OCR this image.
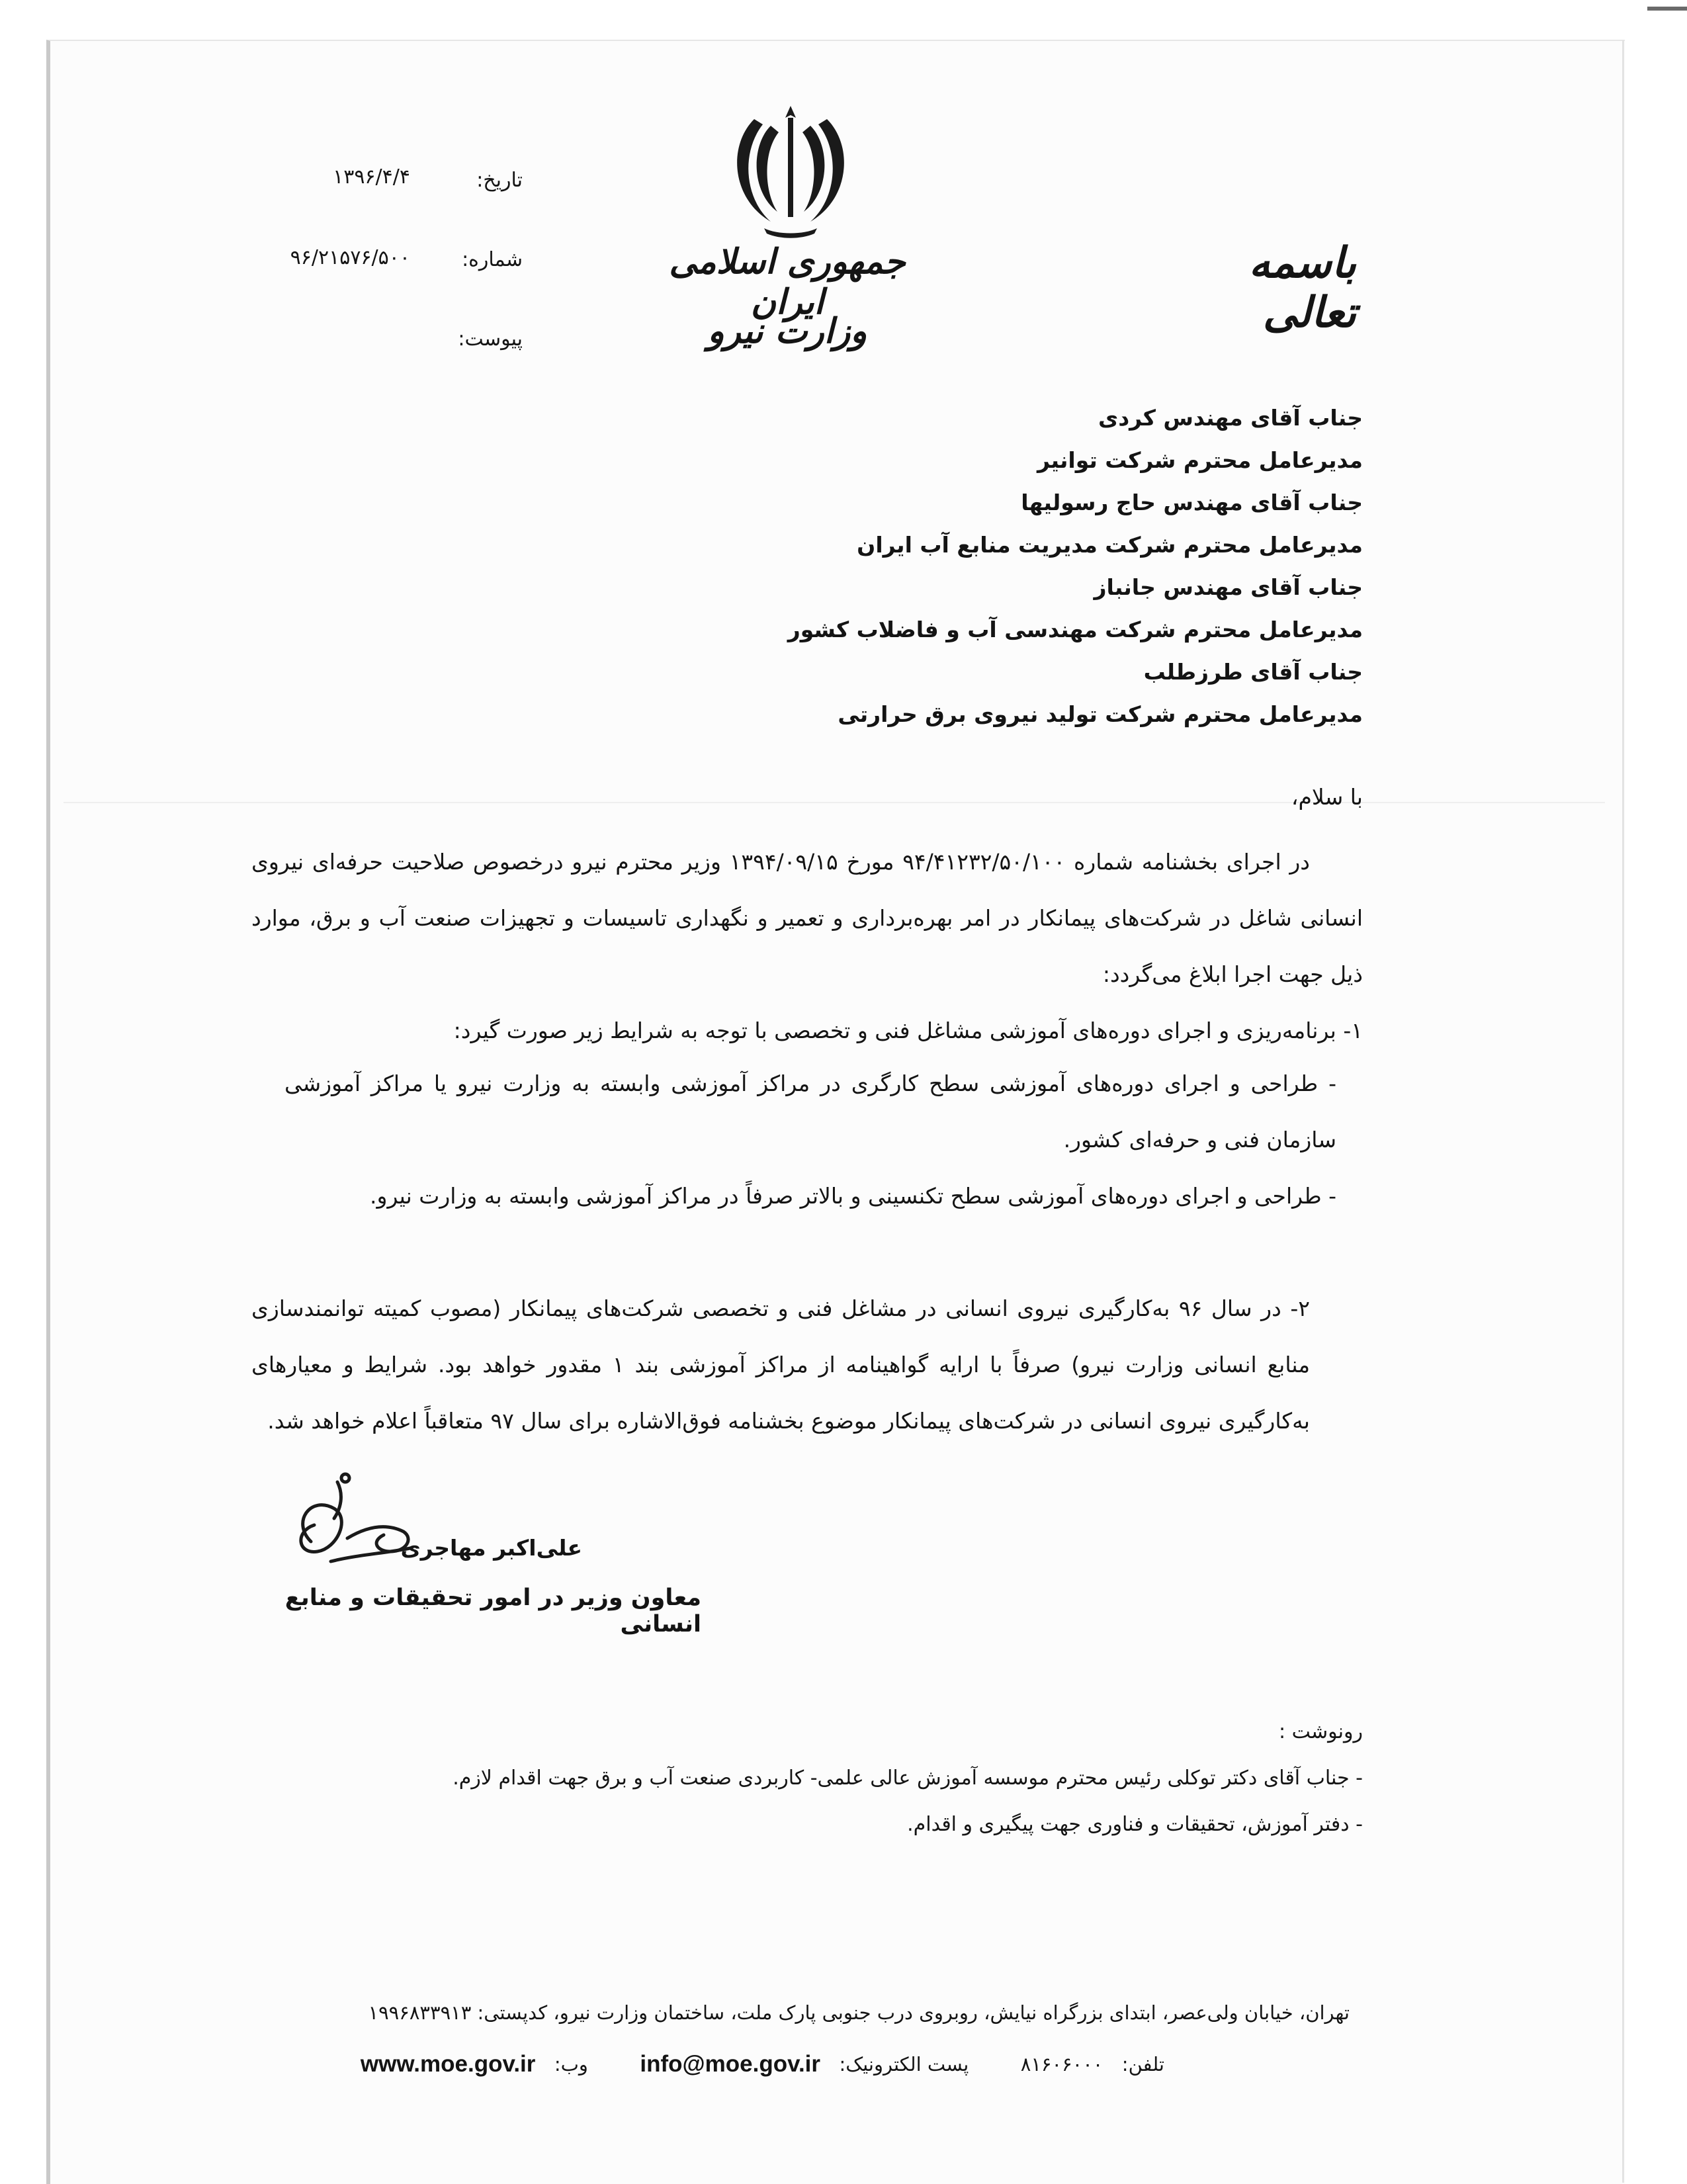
باسمه تعالی
جمهوری اسلامی ایران
وزارت نیرو
تاریخ:
۱۳۹۶/۴/۴
شماره:
۹۶/۲۱۵۷۶/۵۰۰
پیوست:
جناب آقای مهندس کردی
مدیرعامل محترم شرکت توانیر
جناب آقای مهندس حاج رسولیها
مدیرعامل محترم شرکت مدیریت منابع آب ایران
جناب آقای مهندس جانباز
مدیرعامل محترم شرکت مهندسی آب و فاضلاب کشور
جناب آقای طرزطلب
مدیرعامل محترم شرکت تولید نیروی برق حرارتی
با سلام،
در اجرای بخشنامه شماره ۹۴/۴۱۲۳۲/۵۰/۱۰۰ مورخ ۱۳۹۴/۰۹/۱۵ وزیر محترم نیرو درخصوص صلاحیت حرفه‌ای نیروی انسانی شاغل در شرکت‌های پیمانکار در امر بهره‌برداری و تعمیر و نگهداری تاسیسات و تجهیزات صنعت آب و برق، موارد ذیل جهت اجرا ابلاغ می‌گردد:
۱- برنامه‌ریزی و اجرای دوره‌های آموزشی مشاغل فنی و تخصصی با توجه به شرایط زیر صورت گیرد:
- طراحی و اجرای دوره‌های آموزشی سطح کارگری در مراکز آموزشی وابسته به وزارت نیرو یا مراکز آموزشی سازمان فنی و حرفه‌ای کشور.
- طراحی و اجرای دوره‌های آموزشی سطح تکنسینی و بالاتر صرفاً در مراکز آموزشی وابسته به وزارت نیرو.
۲- در سال ۹۶ به‌کارگیری نیروی انسانی در مشاغل فنی و تخصصی شرکت‌های پیمانکار (مصوب کمیته توانمندسازی منابع انسانی وزارت نیرو) صرفاً با ارایه گواهینامه از مراکز آموزشی بند ۱ مقدور خواهد بود. شرایط و معیارهای به‌کارگیری نیروی انسانی در شرکت‌های پیمانکار موضوع بخشنامه فوق‌الاشاره برای سال ۹۷ متعاقباً اعلام خواهد شد.
علی‌اکبر مهاجری
معاون وزیر در امور تحقیقات و منابع انسانی
رونوشت :
- جناب آقای دکتر توکلی رئیس محترم موسسه آموزش عالی علمی- کاربردی صنعت آب و برق جهت اقدام لازم.
- دفتر آموزش، تحقیقات و فناوری جهت پیگیری و اقدام.
تهران، خیابان ولی‌عصر، ابتدای بزرگراه نیایش، روبروی درب جنوبی پارک ملت، ساختمان وزارت نیرو، کدپستی: ۱۹۹۶۸۳۳۹۱۳
تلفن:  ۸۱۶۰۶۰۰۰  پست الکترونیک:  info@moe.gov.ir  وب:  www.moe.gov.ir
